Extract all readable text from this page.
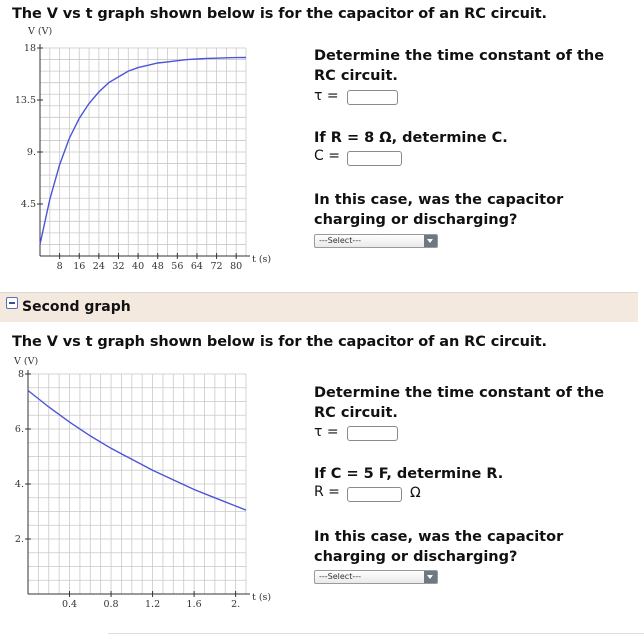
The V vs t graph shown below is for the capacitor of an RC circuit.
4.5
9.
13.5
18
8 16 24 32 40 48 56 64 72 80
V (V)
t (s)
Determine the time constant of the RC circuit.
τ =
If R = 8 Ω, determine C.
C =
In this case, was the capacitor charging or discharging?
---Select---
Second graph
The V vs t graph shown below is for the capacitor of an RC circuit.
2.
4.
6.
8
0.4	0.8	1.2	1.6	2.
V (V)
t (s)
Determine the time constant of the RC circuit.
τ =
If C = 5 F, determine R.
R =	Ω
In this case, was the capacitor charging or discharging?
---Select---
